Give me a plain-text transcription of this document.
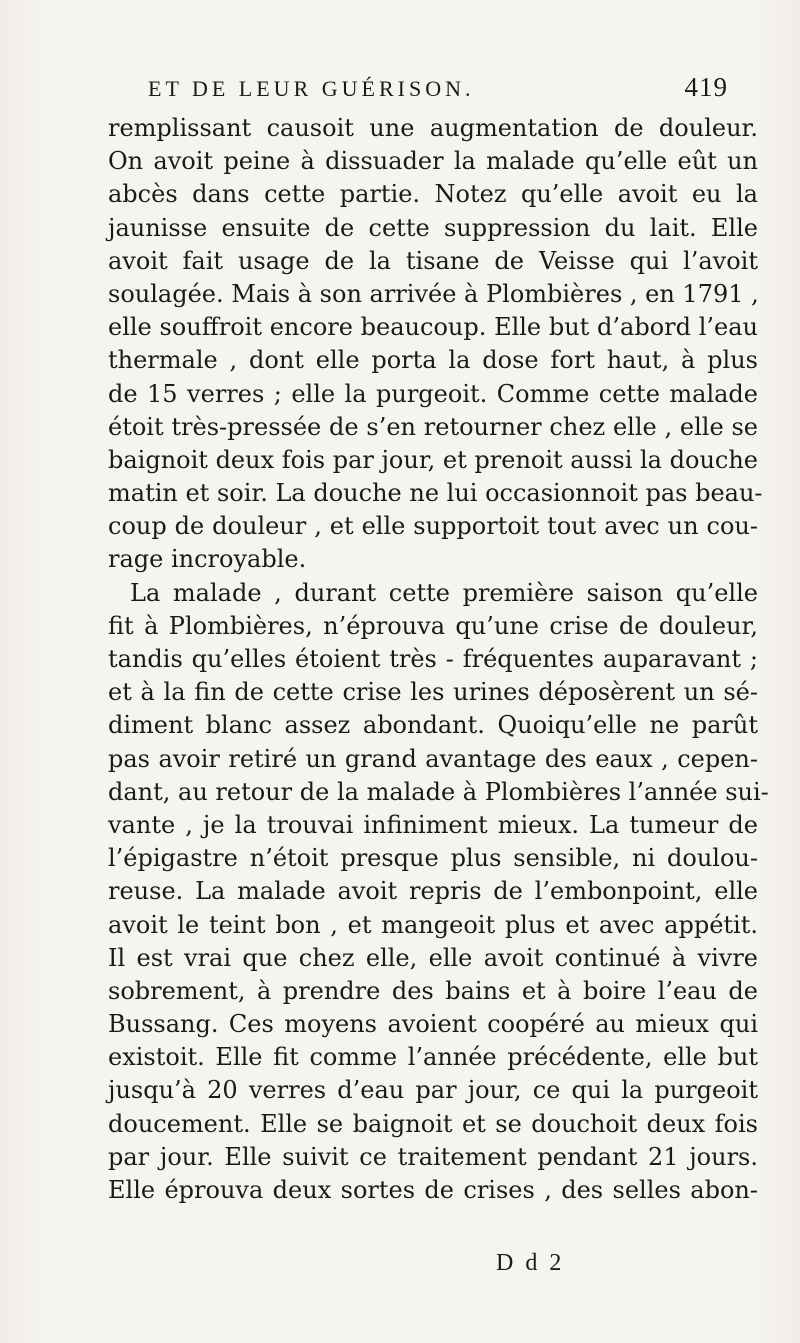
ET DE LEUR GUÉRISON.	419
remplissant causoit une augmentation de douleur.
On avoit peine à dissuader la malade qu’elle eût un
abcès dans cette partie. Notez qu’elle avoit eu la
jaunisse ensuite de cette suppression du lait. Elle
avoit fait usage de la tisane de Veisse qui l’avoit
soulagée. Mais à son arrivée à Plombières , en 1791 ,
elle souffroit encore beaucoup. Elle but d’abord l’eau
thermale , dont elle porta la dose fort haut, à plus
de 15 verres ; elle la purgeoit. Comme cette malade
étoit très-pressée de s’en retourner chez elle , elle se
baignoit deux fois par jour, et prenoit aussi la douche
matin et soir. La douche ne lui occasionnoit pas beau-
coup de douleur , et elle supportoit tout avec un cou-
rage incroyable.
La malade , durant cette première saison qu’elle
fit à Plombières, n’éprouva qu’une crise de douleur,
tandis qu’elles étoient très - fréquentes auparavant ;
et à la fin de cette crise les urines déposèrent un sé-
diment blanc assez abondant. Quoiqu’elle ne parût
pas avoir retiré un grand avantage des eaux , cepen-
dant, au retour de la malade à Plombières l’année sui-
vante , je la trouvai infiniment mieux. La tumeur de
l’épigastre n’étoit presque plus sensible, ni doulou-
reuse. La malade avoit repris de l’embonpoint, elle
avoit le teint bon , et mangeoit plus et avec appétit.
Il est vrai que chez elle, elle avoit continué à vivre
sobrement, à prendre des bains et à boire l’eau de
Bussang. Ces moyens avoient coopéré au mieux qui
existoit. Elle fit comme l’année précédente, elle but
jusqu’à 20 verres d’eau par jour, ce qui la purgeoit
doucement. Elle se baignoit et se douchoit deux fois
par jour. Elle suivit ce traitement pendant 21 jours.
Elle éprouva deux sortes de crises , des selles abon-
D d 2
